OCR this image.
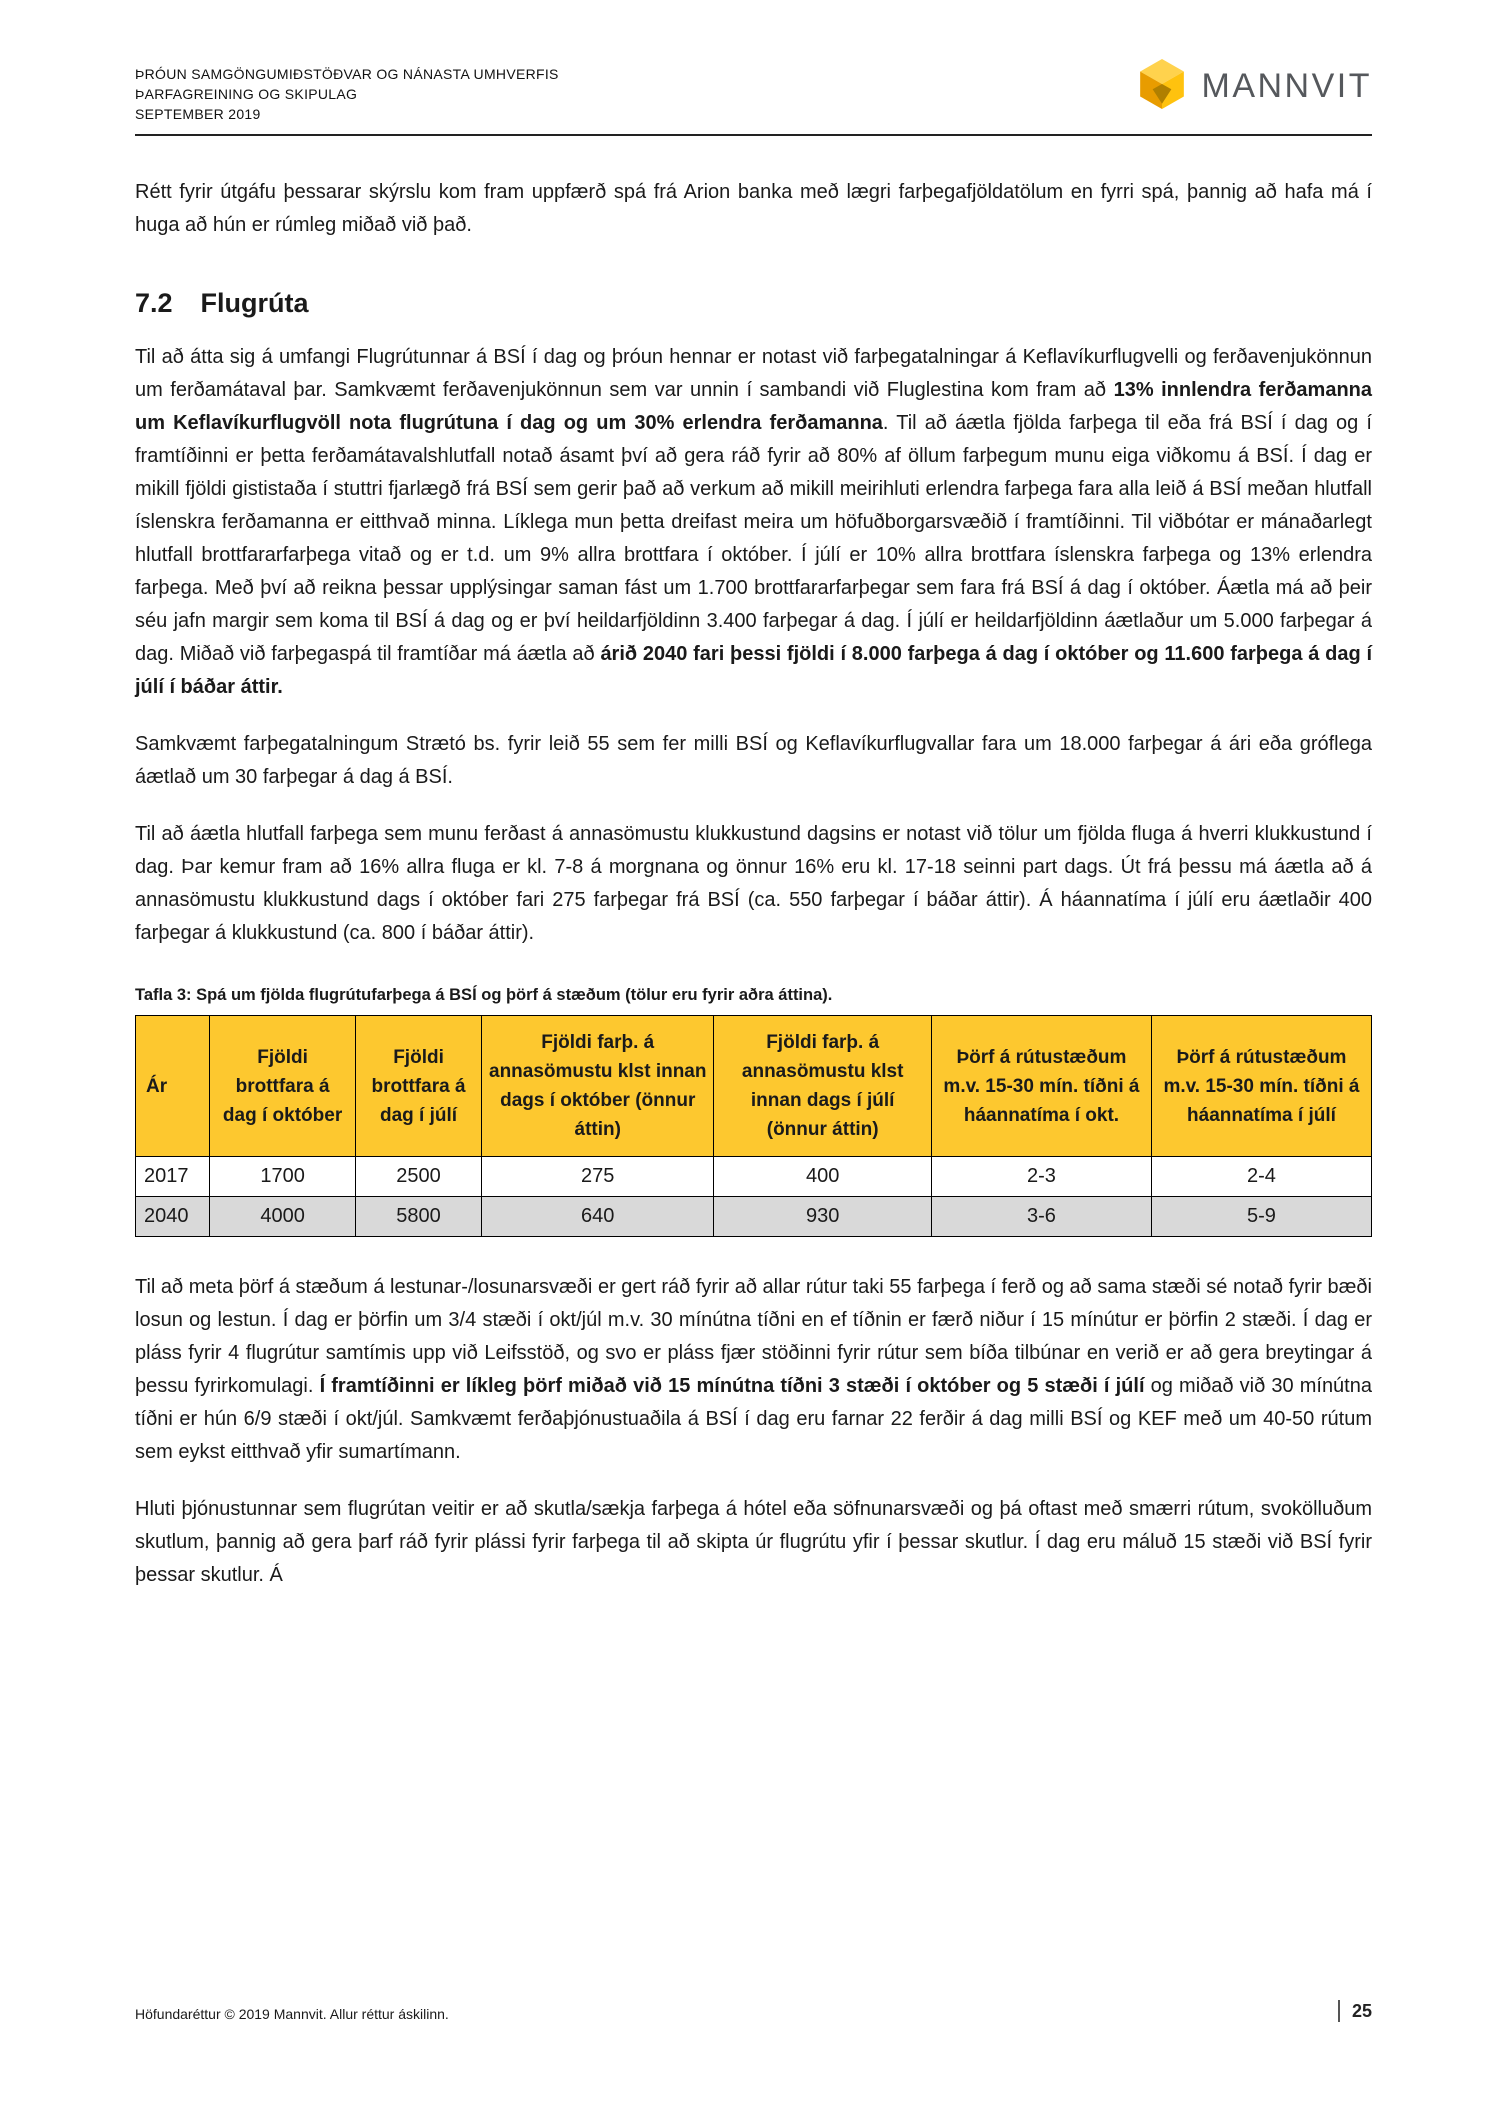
ÞRÓUN SAMGÖNGUMIÐSTÖÐVAR OG NÁNASTA UMHVERFIS
ÞARFAGREINING OG SKIPULAG
SEPTEMBER 2019
MANNVIT

Rétt fyrir útgáfu þessarar skýrslu kom fram uppfærð spá frá Arion banka með lægri farþegafjöldatölum en fyrri spá, þannig að hafa má í huga að hún er rúmleg miðað við það.

7.2 Flugrúta

Til að átta sig á umfangi Flugrútunnar á BSÍ í dag og þróun hennar er notast við farþegatalningar á Keflavíkurflugvelli og ferðavenjukönnun um ferðamátaval þar. Samkvæmt ferðavenjukönnun sem var unnin í sambandi við Fluglestina kom fram að 13% innlendra ferðamanna um Keflavíkurflugvöll nota flugrútuna í dag og um 30% erlendra ferðamanna. Til að áætla fjölda farþega til eða frá BSÍ í dag og í framtíðinni er þetta ferðamátavalshlutfall notað ásamt því að gera ráð fyrir að 80% af öllum farþegum munu eiga viðkomu á BSÍ. Í dag er mikill fjöldi gististaða í stuttri fjarlægð frá BSÍ sem gerir það að verkum að mikill meirihluti erlendra farþega fara alla leið á BSÍ meðan hlutfall íslenskra ferðamanna er eitthvað minna. Líklega mun þetta dreifast meira um höfuðborgarsvæðið í framtíðinni. Til viðbótar er mánaðarlegt hlutfall brottfararfarþega vitað og er t.d. um 9% allra brottfara í október. Í júlí er 10% allra brottfara íslenskra farþega og 13% erlendra farþega. Með því að reikna þessar upplýsingar saman fást um 1.700 brottfararfarþegar sem fara frá BSÍ á dag í október. Áætla má að þeir séu jafn margir sem koma til BSÍ á dag og er því heildarfjöldinn 3.400 farþegar á dag. Í júlí er heildarfjöldinn áætlaður um 5.000 farþegar á dag. Miðað við farþegaspá til framtíðar má áætla að árið 2040 fari þessi fjöldi í 8.000 farþega á dag í október og 11.600 farþega á dag í júlí í báðar áttir.

Samkvæmt farþegatalningum Strætó bs. fyrir leið 55 sem fer milli BSÍ og Keflavíkurflugvallar fara um 18.000 farþegar á ári eða gróflega áætlað um 30 farþegar á dag á BSÍ.

Til að áætla hlutfall farþega sem munu ferðast á annasömustu klukkustund dagsins er notast við tölur um fjölda fluga á hverri klukkustund í dag. Þar kemur fram að 16% allra fluga er kl. 7-8 á morgnana og önnur 16% eru kl. 17-18 seinni part dags. Út frá þessu má áætla að á annasömustu klukkustund dags í október fari 275 farþegar frá BSÍ (ca. 550 farþegar í báðar áttir). Á háannatíma í júlí eru áætlaðir 400 farþegar á klukkustund (ca. 800 í báðar áttir).

Tafla 3: Spá um fjölda flugrútufarþega á BSÍ og þörf á stæðum (tölur eru fyrir aðra áttina).
Ár	Fjöldi brottfara á dag í október	Fjöldi brottfara á dag í júlí	Fjöldi farþ. á annasömustu klst innan dags í október (önnur áttin)	Fjöldi farþ. á annasömustu klst innan dags í júlí (önnur áttin)	Þörf á rútustæðum m.v. 15-30 mín. tíðni á háannatíma í okt.	Þörf á rútustæðum m.v. 15-30 mín. tíðni á háannatíma í júlí
2017	1700	2500	275	400	2-3	2-4
2040	4000	5800	640	930	3-6	5-9

Til að meta þörf á stæðum á lestunar-/losunarsvæði er gert ráð fyrir að allar rútur taki 55 farþega í ferð og að sama stæði sé notað fyrir bæði losun og lestun. Í dag er þörfin um 3/4 stæði í okt/júl m.v. 30 mínútna tíðni en ef tíðnin er færð niður í 15 mínútur er þörfin 2 stæði. Í dag er pláss fyrir 4 flugrútur samtímis upp við Leifsstöð, og svo er pláss fjær stöðinni fyrir rútur sem bíða tilbúnar en verið er að gera breytingar á þessu fyrirkomulagi. Í framtíðinni er líkleg þörf miðað við 15 mínútna tíðni 3 stæði í október og 5 stæði í júlí og miðað við 30 mínútna tíðni er hún 6/9 stæði í okt/júl. Samkvæmt ferðaþjónustuaðila á BSÍ í dag eru farnar 22 ferðir á dag milli BSÍ og KEF með um 40-50 rútum sem eykst eitthvað yfir sumartímann.

Hluti þjónustunnar sem flugrútan veitir er að skutla/sækja farþega á hótel eða söfnunarsvæði og þá oftast með smærri rútum, svokölluðum skutlum, þannig að gera þarf ráð fyrir plássi fyrir farþega til að skipta úr flugrútu yfir í þessar skutlur. Í dag eru máluð 15 stæði við BSÍ fyrir þessar skutlur. Á

Höfundaréttur © 2019 Mannvit. Allur réttur áskilinn.	25
